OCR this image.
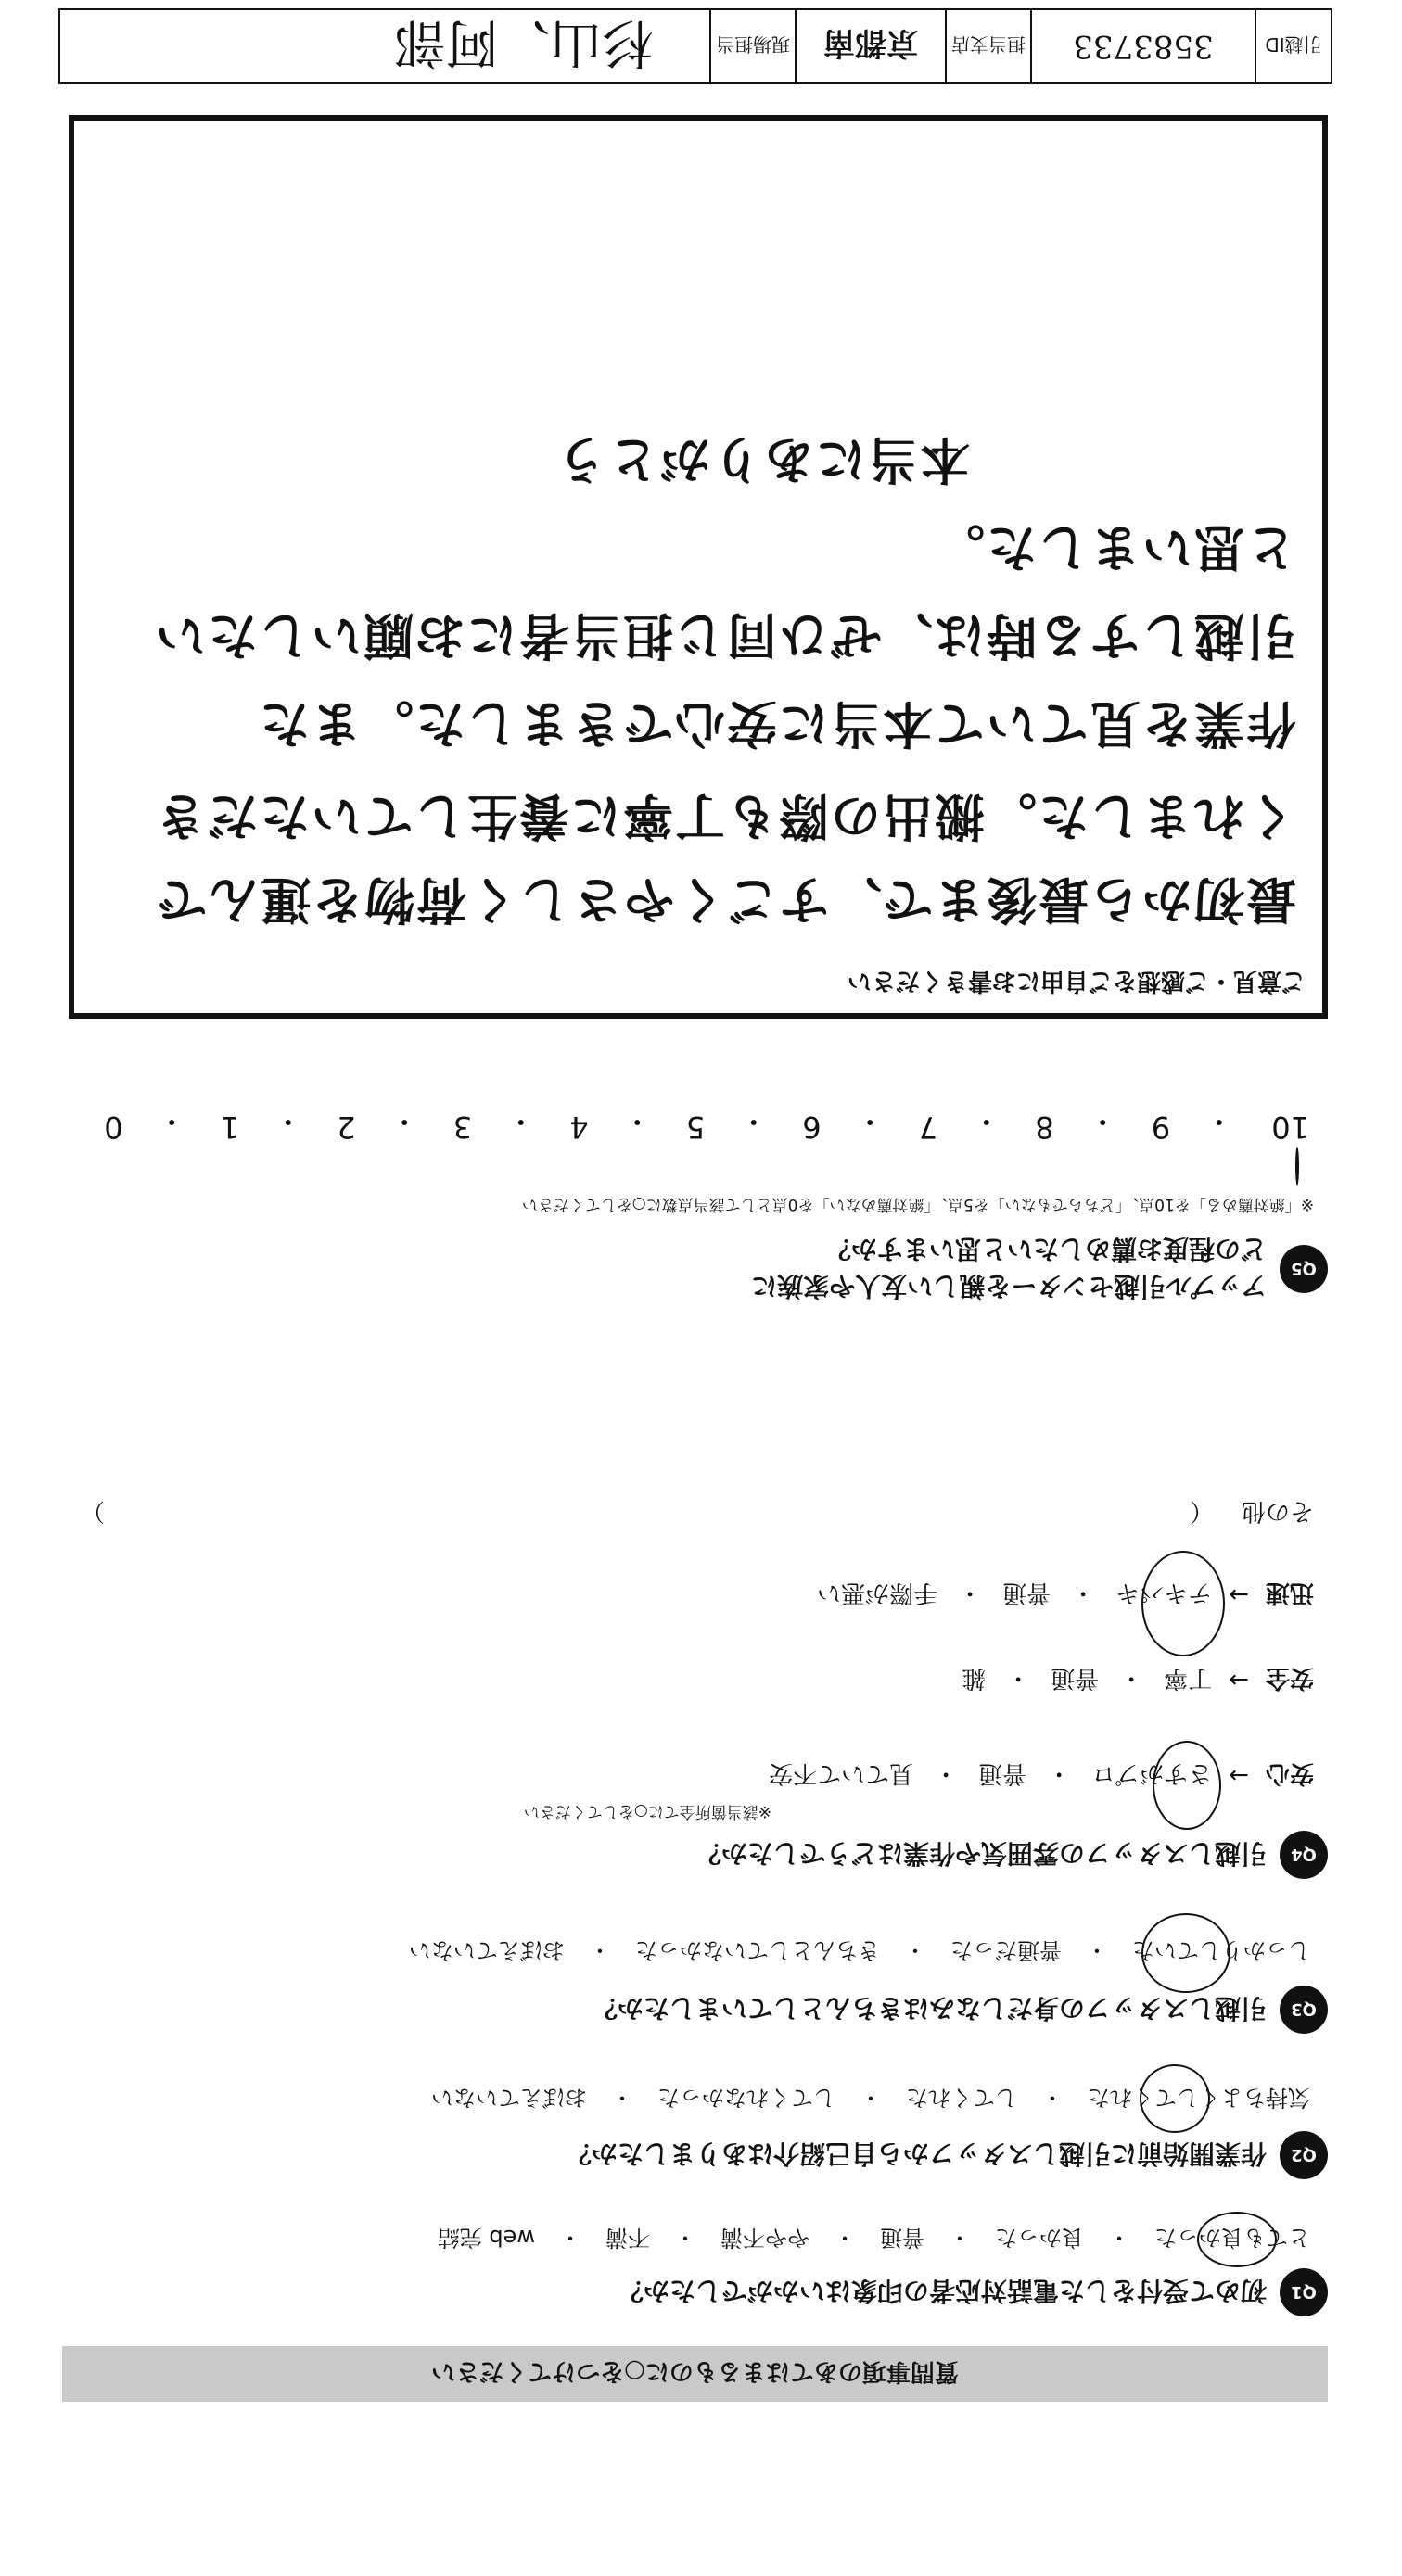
引越ID
3583733
担当支店
京都南
現場担当
杉山、阿部
質問事項のあてはまるものに○をつけてください
Q1
初めて受付をした電話対応者の印象はいかがでしたか？
とても良かった
・
良かった
・
普通
・
やや不満
・
不満
・
web 完結
Q2
作業開始前に引越しスタッフから自己紹介はありましたか？
気持ちよくしてくれた
・
してくれた
・
してくれなかった
・
おぼえていない
Q3
引越しスタッフの身だしなみはきちんとしていましたか？
しっかりしていた
・
普通だった
・
きちんとしていなかった
・
おぼえていない
Q4
引越しスタッフの雰囲気や作業はどうでしたか？
※該当箇所全てに○をしてください
安心
→
さすがプロ
・
普通
・
見ていて不安
安全
→
丁寧
・
普通
・
雑
迅速
→
テキパキ
・
普通
・
手際が悪い
その他
（
）
Q5
アップル引越センターを親しい友人や家族に
どの程度お薦めしたいと思いますか？
※「絶対薦める」を10点、「どちらでもない」を5点、「絶対薦めない」を0点として該当点数に○をしてください
10
・
9
・
8
・
7
・
6
・
5
・
4
・
3
・
2
・
1
・
0
ご意見・ご感想をご自由にお書きください
最初から最後まで、すごくやさしく荷物を運んで
くれました。搬出の際も丁寧に養生していただき
作業を見ていて本当に安心できました。また
引越しする時は、ぜひ同じ担当者にお願いしたい
と思いました。
本当にありがとう
